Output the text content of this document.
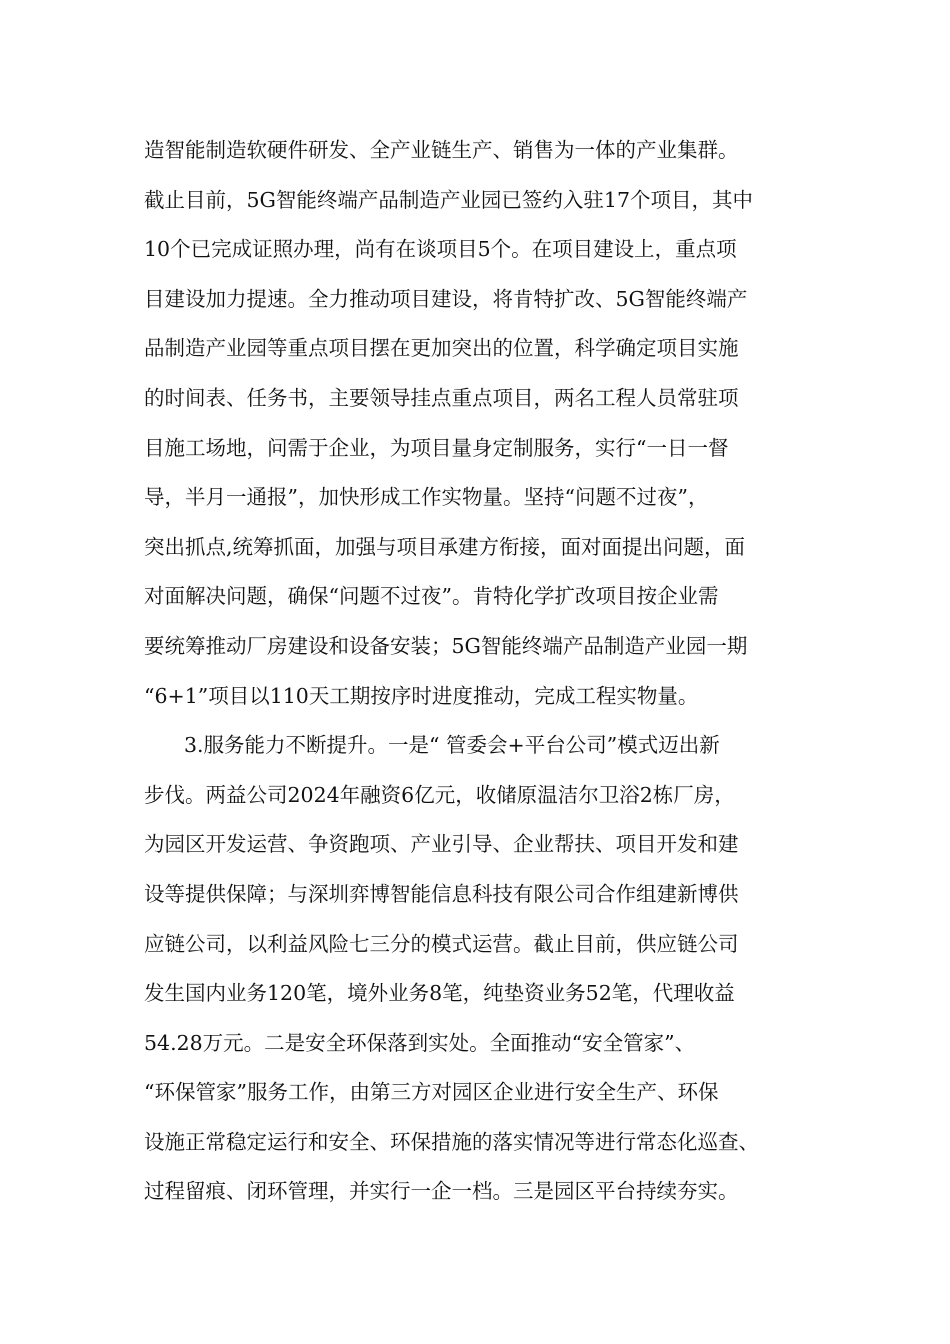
造智能制造软硬件研发、全产业链生产、销售为一体的产业集群。
截止目前，5G智能终端产品制造产业园已签约入驻17个项目，其中
10个已完成证照办理，尚有在谈项目5个。在项目建设上，重点项
目建设加力提速。全力推动项目建设，将肯特扩改、5G智能终端产
品制造产业园等重点项目摆在更加突出的位置，科学确定项目实施
的时间表、任务书，主要领导挂点重点项目，两名工程人员常驻项
目施工场地，问需于企业，为项目量身定制服务，实行“一日一督
导，半月一通报”，加快形成工作实物量。坚持“问题不过夜”，
突出抓点,统筹抓面，加强与项目承建方衔接，面对面提出问题，面
对面解决问题，确保“问题不过夜”。肯特化学扩改项目按企业需
要统筹推动厂房建设和设备安装；5G智能终端产品制造产业园一期
“6+1”项目以110天工期按序时进度推动，完成工程实物量。
3.服务能力不断提升。一是“ 管委会+平台公司”模式迈出新
步伐。两益公司2024年融资6亿元，收储原温洁尔卫浴2栋厂房，
为园区开发运营、争资跑项、产业引导、企业帮扶、项目开发和建
设等提供保障；与深圳弈博智能信息科技有限公司合作组建新博供
应链公司，以利益风险七三分的模式运营。截止目前，供应链公司
发生国内业务120笔，境外业务8笔，纯垫资业务52笔，代理收益
54.28万元。二是安全环保落到实处。全面推动“安全管家”、
“环保管家”服务工作，由第三方对园区企业进行安全生产、环保
设施正常稳定运行和安全、环保措施的落实情况等进行常态化巡查、
过程留痕、闭环管理，并实行一企一档。三是园区平台持续夯实。
